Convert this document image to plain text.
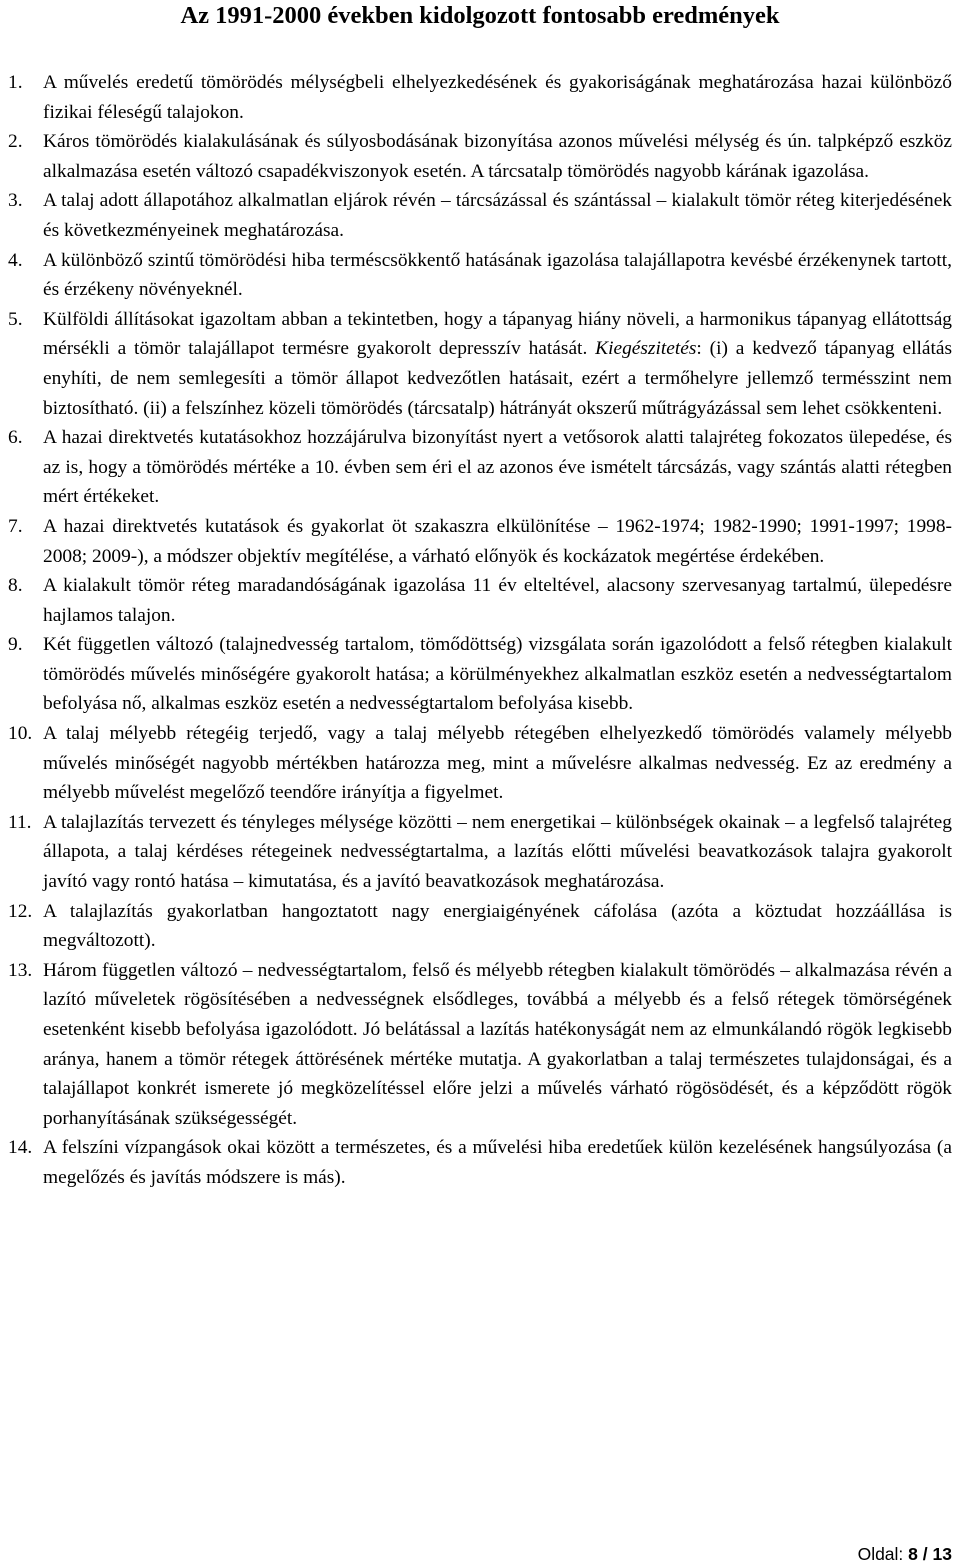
Az 1991-2000 években kidolgozott fontosabb eredmények
1. A művelés eredetű tömörödés mélységbeli elhelyezkedésének és gyakoriságának meghatározása hazai különböző fizikai féleségű talajokon.
2. Káros tömörödés kialakulásának és súlyosbodásának bizonyítása azonos művelési mélység és ún. talpképző eszköz alkalmazása esetén változó csapadékviszonyok esetén. A tárcsatalp tömörödés nagyobb kárának igazolása.
3. A talaj adott állapotához alkalmatlan eljárok révén – tárcsázással és szántással – kialakult tömör réteg kiterjedésének és következményeinek meghatározása.
4. A különböző szintű tömörödési hiba terméscsökkentő hatásának igazolása talajállapotra kevésbé érzékenynek tartott, és érzékeny növényeknél.
5. Külföldi állításokat igazoltam abban a tekintetben, hogy a tápanyag hiány növeli, a harmonikus tápanyag ellátottság mérsékli a tömör talajállapot termésre gyakorolt depresszív hatását. Kiegészitetés: (i) a kedvező tápanyag ellátás enyhíti, de nem semlegesíti a tömör állapot kedvezőtlen hatásait, ezért a termőhelyre jellemző termésszint nem biztosítható. (ii) a felszínhez közeli tömörödés (tárcsatalp) hátrányát okszerű műtrágyázással sem lehet csökkenteni.
6. A hazai direktvetés kutatásokhoz hozzájárulva bizonyítást nyert a vetősorok alatti talajréteg fokozatos ülepedése, és az is, hogy a tömörödés mértéke a 10. évben sem éri el az azonos éve ismételt tárcsázás, vagy szántás alatti rétegben mért értékeket.
7. A hazai direktvetés kutatások és gyakorlat öt szakaszra elkülönítése – 1962-1974; 1982-1990; 1991-1997; 1998-2008; 2009-), a módszer objektív megítélése, a várható előnyök és kockázatok megértése érdekében.
8. A kialakult tömör réteg maradandóságának igazolása 11 év elteltével, alacsony szervesanyag tartalmú, ülepedésre hajlamos talajon.
9. Két független változó (talajnedvesség tartalom, tömődöttség) vizsgálata során igazolódott a felső rétegben kialakult tömörödés művelés minőségére gyakorolt hatása; a körülményekhez alkalmatlan eszköz esetén a nedvességtartalom befolyása nő, alkalmas eszköz esetén a nedvességtartalom befolyása kisebb.
10. A talaj mélyebb rétegéig terjedő, vagy a talaj mélyebb rétegében elhelyezkedő tömörödés valamely mélyebb művelés minőségét nagyobb mértékben határozza meg, mint a művelésre alkalmas nedvesség. Ez az eredmény a mélyebb művelést megelőző teendőre irányítja a figyelmet.
11. A talajlazítás tervezett és tényleges mélysége közötti – nem energetikai – különbségek okainak – a legfelső talajréteg állapota, a talaj kérdéses rétegeinek nedvességtartalma, a lazítás előtti művelési beavatkozások talajra gyakorolt javító vagy rontó hatása – kimutatása, és a javító beavatkozások meghatározása.
12. A talajlazítás gyakorlatban hangoztatott nagy energiaigényének cáfolása (azóta a köztudat hozzáállása is megváltozott).
13. Három független változó – nedvességtartalom, felső és mélyebb rétegben kialakult tömörödés – alkalmazása révén a lazító műveletek rögösítésében a nedvességnek elsődleges, továbbá a mélyebb és a felső rétegek tömörségének esetenként kisebb befolyása igazolódott. Jó belátással a lazítás hatékonyságát nem az elmunkálandó rögök legkisebb aránya, hanem a tömör rétegek áttörésének mértéke mutatja. A gyakorlatban a talaj természetes tulajdonságai, és a talajállapot konkrét ismerete jó megközelítéssel előre jelzi a művelés várható rögösödését, és a képződött rögök porhanyításának szükségességét.
14. A felszíni vízpangások okai között a természetes, és a művelési hiba eredetűek külön kezelésének hangsúlyozása (a megelőzés és javítás módszere is más).
Oldal: 8 / 13
